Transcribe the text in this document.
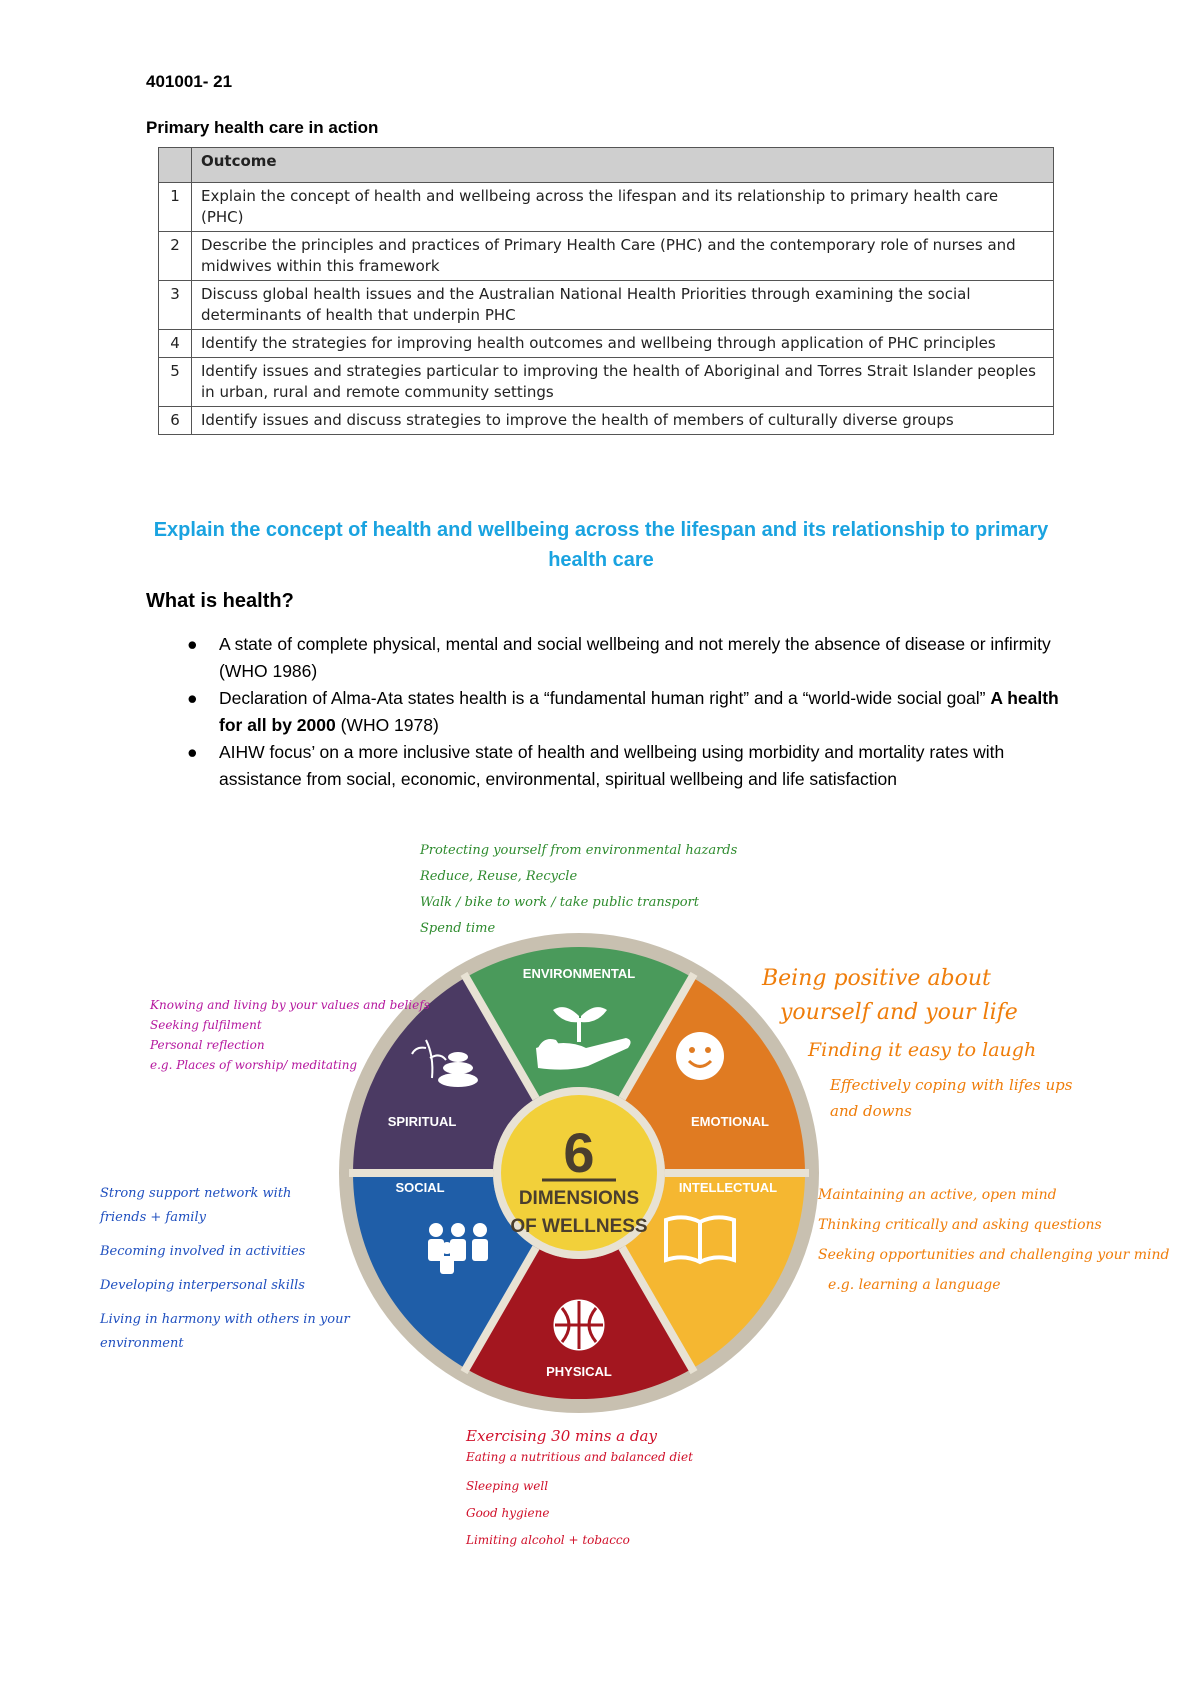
401001- 21
Primary health care in action
	Outcome
1	Explain the concept of health and wellbeing across the lifespan and its relationship to primary health care (PHC)
2	Describe the principles and practices of Primary Health Care (PHC) and the contemporary role of nurses and midwives within this framework
3	Discuss global health issues and the Australian National Health Priorities through examining the social determinants of health that underpin PHC
4	Identify the strategies for improving health outcomes and wellbeing through application of PHC principles
5	Identify issues and strategies particular to improving the health of Aboriginal and Torres Strait Islander peoples in urban, rural and remote community settings
6	Identify issues and discuss strategies to improve the health of members of culturally diverse groups
Explain the concept of health and wellbeing across the lifespan and its relationship to primary health care
What is health?
● A state of complete physical, mental and social wellbeing and not merely the absence of disease or infirmity (WHO 1986)
● Declaration of Alma-Ata states health is a “fundamental human right” and a “world-wide social goal” A health for all by 2000 (WHO 1978)
● AIHW focus’ on a more inclusive state of health and wellbeing using morbidity and mortality rates with assistance from social, economic, environmental, spiritual wellbeing and life satisfaction
6
DIMENSIONS
OF WELLNESS
ENVIRONMENTAL
EMOTIONAL
INTELLECTUAL
PHYSICAL
SOCIAL
SPIRITUAL
Protecting yourself from environmental hazards
Reduce, Reuse, Recycle
Walk / bike to work / take public transport
Spend time
Knowing and living by your values and beliefs
Seeking fulfilment
Personal reflection
e.g. Places of worship/ meditating
Being positive about
yourself and your life
Finding it easy to laugh
Effectively coping with lifes ups
and downs
Strong support network with
friends + family
Becoming involved in activities
Developing interpersonal skills
Living in harmony with others in your
environment
Maintaining an active, open mind
Thinking critically and asking questions
Seeking opportunities and challenging your mind
e.g. learning a language
Exercising 30 mins a day
Eating a nutritious and balanced diet
Sleeping well
Good hygiene
Limiting alcohol + tobacco
